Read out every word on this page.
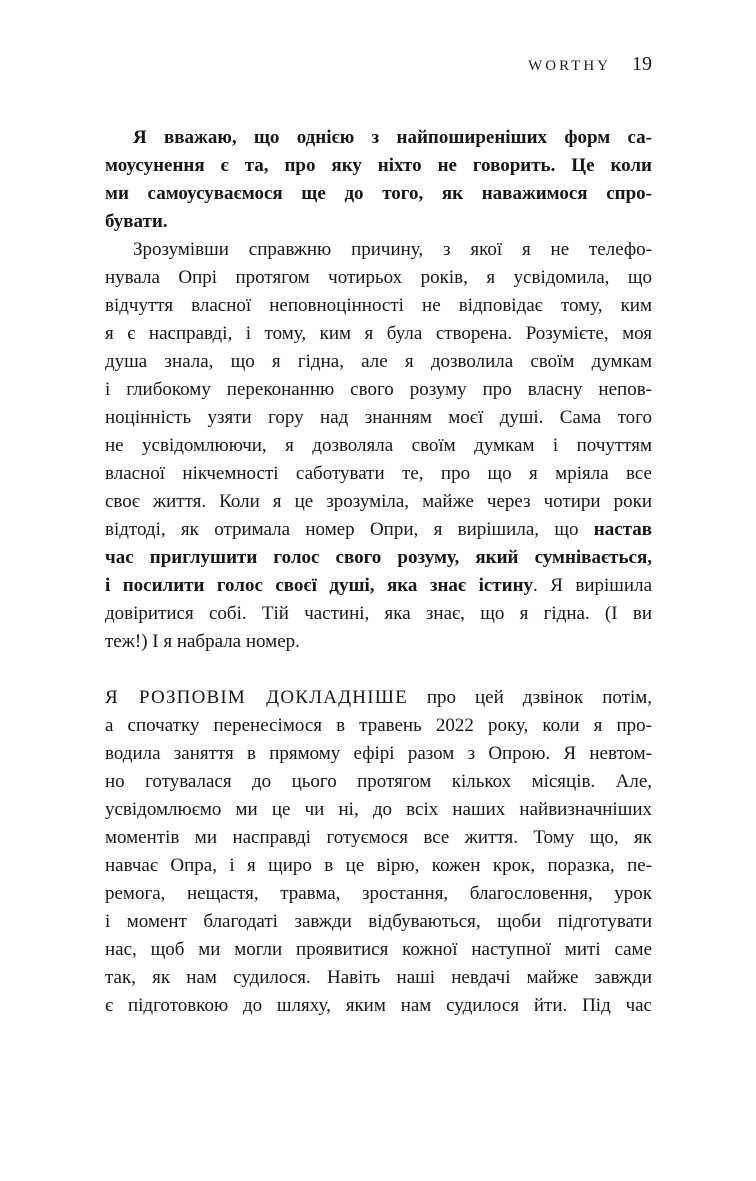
WORTHY 19
Я вважаю, що однією з найпоширеніших форм са-
моусунення є та, про яку ніхто не говорить. Це коли
ми самоусуваємося ще до того, як наважимося спро-
бувати.
Зрозумівши справжню причину, з якої я не телефо-
нувала Опрі протягом чотирьох років, я усвідомила, що
відчуття власної неповноцінності не відповідає тому, ким
я є насправді, і тому, ким я була створена. Розумієте, моя
душа знала, що я гідна, але я дозволила своїм думкам
і глибокому переконанню свого розуму про власну непов-
ноцінність узяти гору над знанням моєї душі. Сама того
не усвідомлюючи, я дозволяла своїм думкам і почуттям
власної нікчемності саботувати те, про що я мріяла все
своє життя. Коли я це зрозуміла, майже через чотири роки
відтоді, як отримала номер Опри, я вирішила, що настав
час приглушити голос свого розуму, який сумнівається,
і посилити голос своєї душі, яка знає істину. Я вирішила
довіритися собі. Тій частині, яка знає, що я гідна. (І ви
теж!) І я набрала номер.
Я РОЗПОВІМ ДОКЛАДНІШЕ про цей дзвінок потім,
а спочатку перенесімося в травень 2022 року, коли я про-
водила заняття в прямому ефірі разом з Опрою. Я невтом-
но готувалася до цього протягом кількох місяців. Але,
усвідомлюємо ми це чи ні, до всіх наших найвизначніших
моментів ми насправді готуємося все життя. Тому що, як
навчає Опра, і я щиро в це вірю, кожен крок, поразка, пе-
ремога, нещастя, травма, зростання, благословення, урок
і момент благодаті завжди відбуваються, щоби підготувати
нас, щоб ми могли проявитися кожної наступної миті саме
так, як нам судилося. Навіть наші невдачі майже завжди
є підготовкою до шляху, яким нам судилося йти. Під час
